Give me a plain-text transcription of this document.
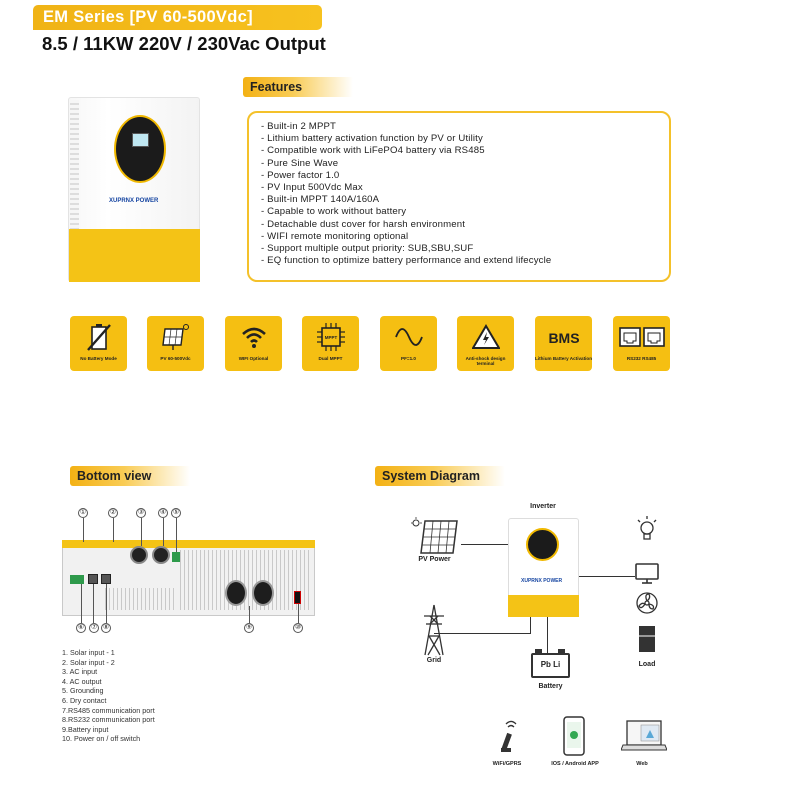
EM Series [PV 60-500Vdc]
8.5 / 11KW 220V / 230Vac Output
XUPRNX POWER
Features
- Built-in 2 MPPT
- Lithium battery activation function by PV or Utility
- Compatible work with LiFePO4 battery via RS485
- Pure Sine Wave
- Power factor 1.0
- PV Input 500Vdc Max
- Built-in MPPT 140A/160A
- Capable to work without battery
- Detachable dust cover for harsh environment
- WIFI remote monitoring optional
- Support multiple output priority: SUB,SBU,SUF
- EQ function to optimize battery performance and extend lifecycle
No Battery Mode	PV 60-500Vdc	WIFI Optional
MPPT
Dual MPPT	PF=1.0	Anti-shock design terminal
BMS
Lithium Battery Activation	RS232 RS485
Bottom view
①	②	③ ④ ⑤
⑥ ⑦ ⑧	⑨	⑩
1. Solar input - 1
2. Solar input - 2
3. AC input
4. AC output
5. Grounding
6. Dry contact
7.RS485 communication port
8.RS232 communication port
9.Battery input
10. Power on / off switch
System Diagram
Inverter
XUPRNX POWER
PV Power
Grid	Pb Li
Battery
Load
WiFi/GPRS	IOS / Android APP	Web
